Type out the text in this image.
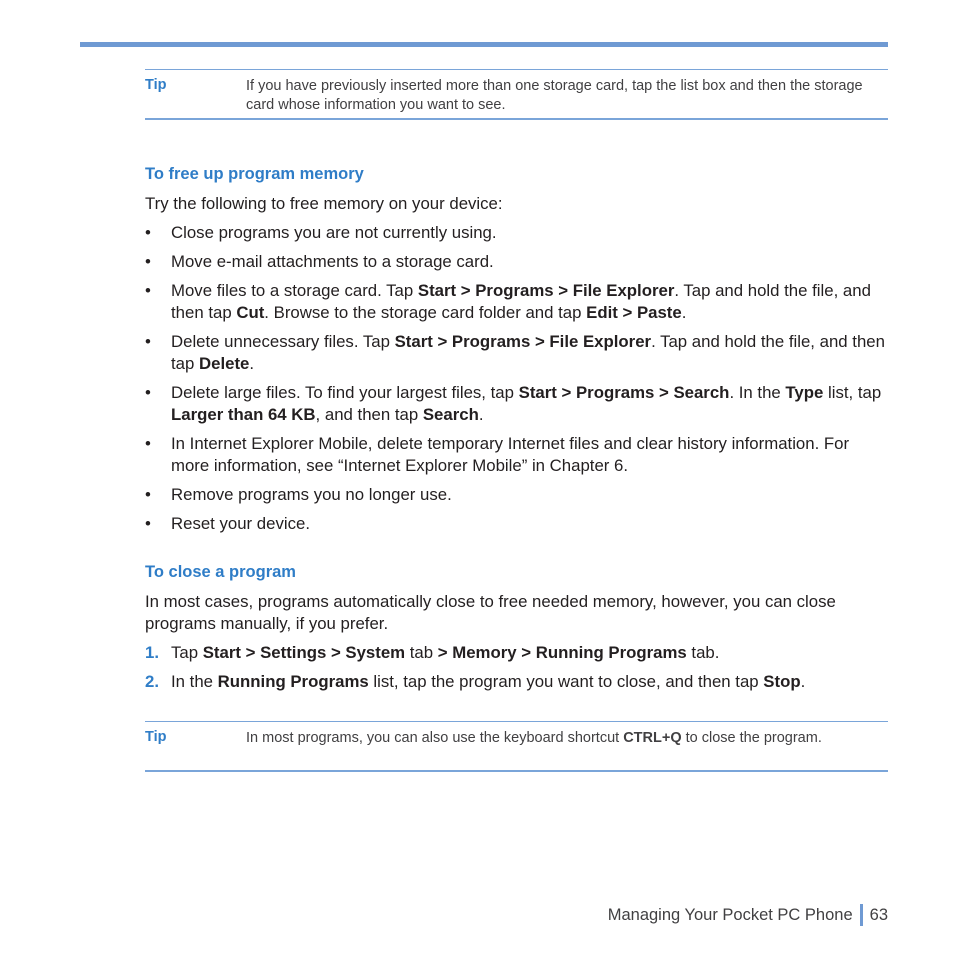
Tip	If you have previously inserted more than one storage card, tap the list box and then the storage card whose information you want to see.
To free up program memory
Try the following to free memory on your device:
• Close programs you are not currently using.
• Move e-mail attachments to a storage card.
• Move files to a storage card. Tap Start > Programs > File Explorer. Tap and hold the file, and then tap Cut. Browse to the storage card folder and tap Edit > Paste.
• Delete unnecessary files. Tap Start > Programs > File Explorer. Tap and hold the file, and then tap Delete.
• Delete large files. To find your largest files, tap Start > Programs > Search. In the Type list, tap Larger than 64 KB, and then tap Search.
• In Internet Explorer Mobile, delete temporary Internet files and clear history information. For more information, see “Internet Explorer Mobile” in Chapter 6.
• Remove programs you no longer use.
• Reset your device.
To close a program
In most cases, programs automatically close to free needed memory, however, you can close programs manually, if you prefer.
1. Tap Start > Settings > System tab > Memory > Running Programs tab.
2. In the Running Programs list, tap the program you want to close, and then tap Stop.
Tip	In most programs, you can also use the keyboard shortcut CTRL+Q to close the program.
Managing Your Pocket PC Phone 63
